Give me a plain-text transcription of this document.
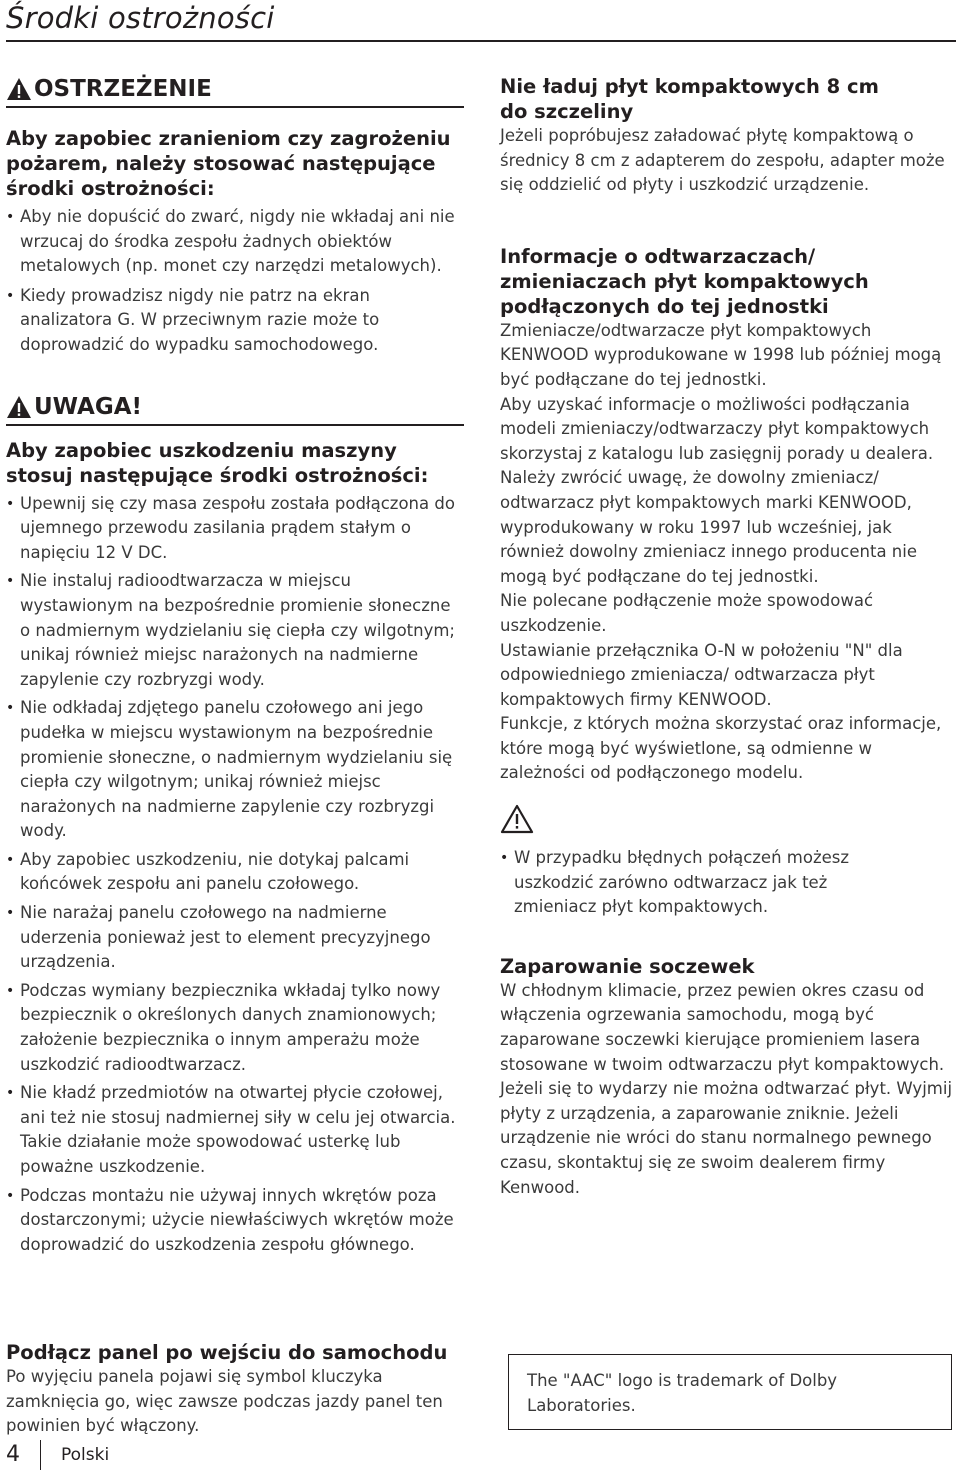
Środki ostrożności
OSTRZEŻENIE
Aby zapobiec zranieniom czy zagrożeniu pożarem, należy stosować następujące środki ostrożności:
• Aby nie dopuścić do zwarć, nigdy nie wkładaj ani nie wrzucaj do środka zespołu żadnych obiektów metalowych (np. monet czy narzędzi metalowych).
• Kiedy prowadzisz nigdy nie patrz na ekran analizatora G. W przeciwnym razie może to doprowadzić do wypadku samochodowego.
UWAGA!
Aby zapobiec uszkodzeniu maszyny stosuj następujące środki ostrożności:
• Upewnij się czy masa zespołu została podłączona do ujemnego przewodu zasilania prądem stałym o napięciu 12 V DC.
• Nie instaluj radioodtwarzacza w miejscu wystawionym na bezpośrednie promienie słoneczne o nadmiernym wydzielaniu się ciepła czy wilgotnym; unikaj również miejsc narażonych na nadmierne zapylenie czy rozbryzgi wody.
• Nie odkładaj zdjętego panelu czołowego ani jego pudełka w miejscu wystawionym na bezpośrednie promienie słoneczne, o nadmiernym wydzielaniu się ciepła czy wilgotnym; unikaj również miejsc narażonych na nadmierne zapylenie czy rozbryzgi wody.
• Aby zapobiec uszkodzeniu, nie dotykaj palcami końcówek zespołu ani panelu czołowego.
• Nie narażaj panelu czołowego na nadmierne uderzenia ponieważ jest to element precyzyjnego urządzenia.
• Podczas wymiany bezpiecznika wkładaj tylko nowy bezpiecznik o określonych danych znamionowych; założenie bezpiecznika o innym amperażu może uszkodzić radioodtwarzacz.
• Nie kładź przedmiotów na otwartej płycie czołowej, ani też nie stosuj nadmiernej siły w celu jej otwarcia. Takie działanie może spowodować usterkę lub poważne uszkodzenie.
• Podczas montażu nie używaj innych wkrętów poza dostarczonymi; użycie niewłaściwych wkrętów może doprowadzić do uszkodzenia zespołu głównego.
Podłącz panel po wejściu do samochodu

Po wyjęciu panela pojawi się symbol kluczyka zamknięcia go, więc zawsze podczas jazdy panel ten powinien być włączony.

Nie ładuj płyt kompaktowych 8 cm do szczeliny

Jeżeli popróbujesz załadować płytę kompaktową o średnicy 8 cm z adapterem do zespołu, adapter może się oddzielić od płyty i uszkodzić urządzenie.

Informacje o odtwarzaczach/ zmieniaczach płyt kompaktowych podłączonych do tej jednostki

Zmieniacze/odtwarzacze płyt kompaktowych KENWOOD wyprodukowane w 1998 lub później mogą być podłączane do tej jednostki.

Aby uzyskać informacje o możliwości podłączania modeli zmieniaczy/odtwarzaczy płyt kompaktowych skorzystaj z katalogu lub zasięgnij porady u dealera.

Należy zwrócić uwagę, że dowolny zmieniacz/ odtwarzacz płyt kompaktowych marki KENWOOD, wyprodukowany w roku 1997 lub wcześniej, jak również dowolny zmieniacz innego producenta nie mogą być podłączane do tej jednostki.

Nie polecane podłączenie może spowodować uszkodzenie.

Ustawianie przełącznika O-N w położeniu "N" dla odpowiedniego zmieniacza/ odtwarzacza płyt kompaktowych firmy KENWOOD.

Funkcje, z których można skorzystać oraz informacje, które mogą być wyświetlone, są odmienne w zależności od podłączonego modelu.

• W przypadku błędnych połączeń możesz uszkodzić zarówno odtwarzacz jak też zmieniacz płyt kompaktowych.
Zaparowanie soczewek

W chłodnym klimacie, przez pewien okres czasu od włączenia ogrzewania samochodu, mogą być zaparowane soczewki kierujące promieniem lasera stosowane w twoim odtwarzaczu płyt kompaktowych. Jeżeli się to wydarzy nie można odtwarzać płyt. Wyjmij płyty z urządzenia, a zaparowanie zniknie. Jeżeli urządzenie nie wróci do stanu normalnego pewnego czasu, skontaktuj się ze swoim dealerem firmy Kenwood.

The "AAC" logo is trademark of Dolby Laboratories.
4 Polski
